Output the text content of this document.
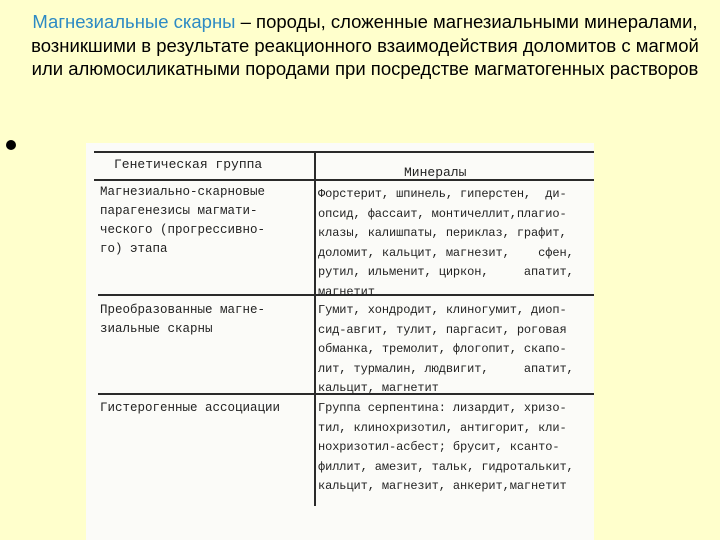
Магнезиальные скарны – породы, сложенные магнезиальными минералами, возникшими в результате реакционного взаимодействия доломитов с магмой или алюмосиликатными породами при посредстве магматогенных растворов
Генетическая группа
Минералы
Магнезиально-скарновые
парагенезисы магмати-
ческого (прогрессивно-
го) этапа
Форстерит, шпинель, гиперстен,  ди-
опсид, фассаит, монтичеллит,плагио-
клазы, калишпаты, периклаз, графит,
доломит, кальцит, магнезит,    сфен,
рутил, ильменит, циркон,     апатит,
магнетит
Преобразованные магне-
зиальные скарны
Гумит, хондродит, клиногумит, диоп-
сид-авгит, тулит, паргасит, роговая
обманка, тремолит, флогопит, скапо-
лит, турмалин, людвигит,     апатит,
кальцит, магнетит
Гистерогенные ассоциации	Группа серпентина: лизардит, хризо-
тил, клинохризотил, антигорит, кли-
нохризотил-асбест; брусит, ксанто-
филлит, амезит, тальк, гидроталькит,
кальцит, магнезит, анкерит,магнетит
